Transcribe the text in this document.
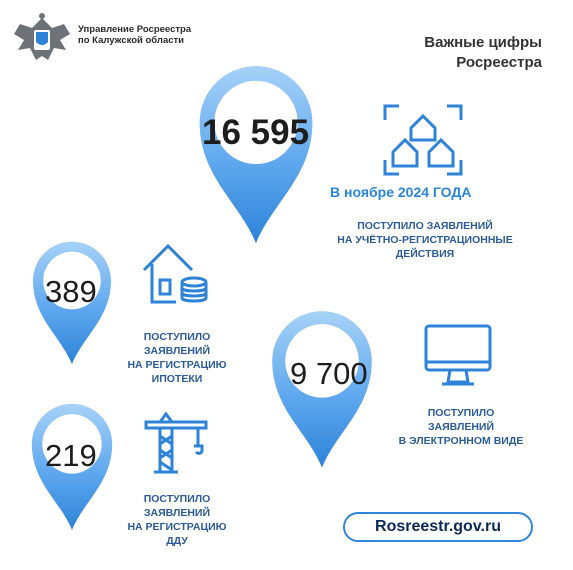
Управление Росреестра
по Калужской области	Важные цифры
Росреестра
16 595
В ноябре 2024 ГОДА
ПОСТУПИЛО ЗАЯВЛЕНИЙ
НА УЧЁТНО-РЕГИСТРАЦИОННЫЕ
ДЕЙСТВИЯ
389
ПОСТУПИЛО
ЗАЯВЛЕНИЙ
НА РЕГИСТРАЦИЮ
ИПОТЕКИ	9 700
ПОСТУПИЛО
ЗАЯВЛЕНИЙ
В ЭЛЕКТРОННОМ ВИДЕ
219
ПОСТУПИЛО
ЗАЯВЛЕНИЙ
НА РЕГИСТРАЦИЮ
ДДУ
Rosreestr.gov.ru
